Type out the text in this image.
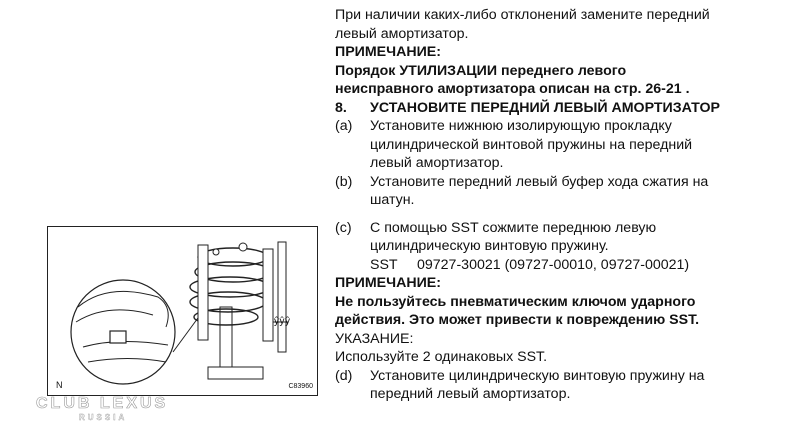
ŷŷŷ
N	C83960
При наличии каких-либо отклонений замените передний
левый амортизатор.
ПРИМЕЧАНИЕ:
Порядок УТИЛИЗАЦИИ переднего левого
неисправного амортизатора описан на стр. 26-21 .
8.	УСТАНОВИТЕ ПЕРЕДНИЙ ЛЕВЫЙ АМОРТИЗАТОР
(a)	Установите нижнюю изолирующую прокладку
цилиндрической винтовой пружины на передний
левый амортизатор.
(b)	Установите передний левый буфер хода сжатия на
шатун.
(c)	С помощью SST сожмите переднюю левую
цилиндрическую винтовую пружину.
SST 09727-30021 (09727-00010, 09727-00021)
ПРИМЕЧАНИЕ:
Не пользуйтесь пневматическим ключом ударного
действия. Это может привести к повреждению SST.
УКАЗАНИЕ:
Используйте 2 одинаковых SST.
(d)	Установите цилиндрическую винтовую пружину на
передний левый амортизатор.
CLUB LEXUS
RUSSIA
